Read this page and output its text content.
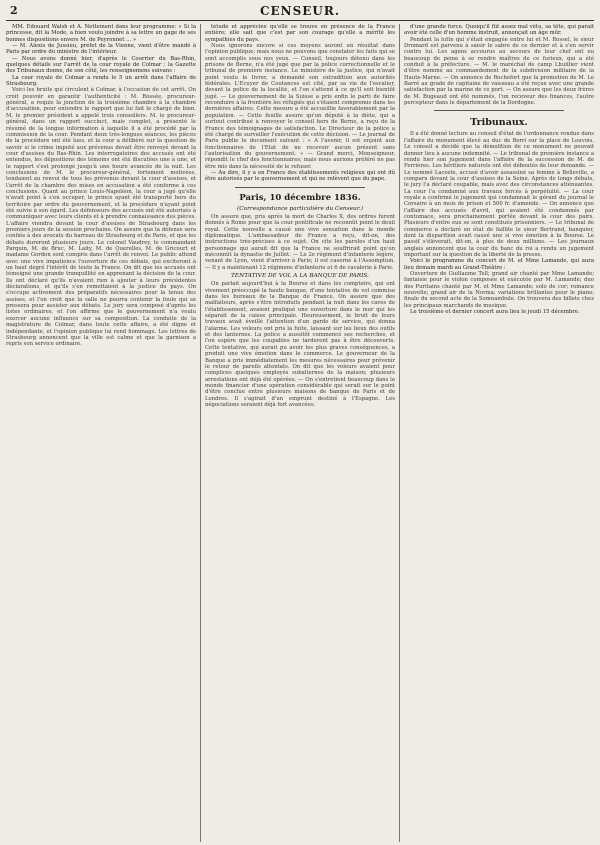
2	CENSEUR.

MM. Edouard Walsh et A. Nettement dans leur programme: « Si la princesse, dit la Mode, a bien voulu joindre à sa lettre un gage de ses bonnes dispositions envers M. de Peyronnet ... »

— M. Alexis de Jussieu, préfet de la Vienne, vient d'être mandé à Paris par ordre du ministre de l'intérieur.

— Nous avons donné hier, d'après le Courrier du Bas-Rhin, quelques détails sur l'arrêt de la cour royale de Colmar : la Gazette des Tribunaux donne, de son côté, les renseignemens suivans :

La cour royale de Colmar a rendu le 5 un arrêt dans l'affaire de Strasbourg.

Voici les bruits qui circulent à Colmar, à l'occasion de cet arrêt. On croit pouvoir en garantir l'authenticité : M. Rossée, procureur-général, a requis la jonction de la troisième chambre à la chambre d'accusation, pour entendre le rapport que lui fait le chargé de bien. M. le premier président a appelé trois conseillers. M. le procureur-général, dans un rapport succinct, mais complet, a présenté le résumé de la longue information à laquelle il a été procédé par la commission de la cour. Pendant deux très-longues séances, les pièces de la procédure ont été lues, et la cour a délibéré sur la question de savoir si le crime imputé aux prévenus devait être renvoyé devant la cour d'assises du Bas-Rhin. Les interrogatoires des accusés ont été entendus, les dépositions des témoins ont été discutées une à une, et le rapport s'est prolongé jusqu'à une heure avancée de la nuit. Les conclusions de M. le procureur-général, fortement motivées, tendaient au renvoi de tous les prévenus devant la cour d'assises, et l'arrêt de la chambre des mises en accusation a été conforme à ces conclusions. Quant au prince Louis-Napoléon, la cour a jugé qu'elle n'avait point à s'en occuper, le prince ayant été transporté hors du territoire par ordre du gouvernement, et la procédure n'ayant point été suivie à son égard. Les défenseurs des accusés ont été autorisés à communiquer avec leurs clients et à prendre connaissance des pièces. L'affaire viendra devant la cour d'assises de Strasbourg dans les premiers jours de la session prochaine. On assure que la défense sera confiée à des avocats du barreau de Strasbourg et de Paris, et que les débats dureront plusieurs jours. Le colonel Vaudrey, le commandant Parquin, M. de Bruc, M. Laity, M. de Querelles, M. de Gricourt et madame Gordon sont compris dans l'arrêt de renvoi. Le public attend avec une vive impatience l'ouverture de ces débats, qui exciteront à un haut degré l'intérêt de toute la France. On dit que les accusés ont témoigné une grande tranquillité en apprenant la décision de la cour. Ils ont déclaré qu'ils n'avaient rien à ajouter à leurs précédentes déclarations, et qu'ils s'en remettaient à la justice du pays. On s'occupe activement des préparatifs nécessaires pour la tenue des assises, et l'on croit que la salle ne pourra contenir la foule qui se pressera pour assister aux débats. Le jury sera composé d'après les listes ordinaires, et l'on affirme que le gouvernement n'a voulu exercer aucune influence sur sa composition. La conduite de la magistrature de Colmar, dans toute cette affaire, a été digne et indépendante, et l'opinion publique lui rend hommage. Les lettres de Strasbourg annoncent que la ville est calme et que la garnison a repris son service ordinaire.

tétude et appréciée qu'ellé se trouve en présence de la France entière; elle sait que c'est par son courage qu'elle a mérité les sympathies du pays.

Nous ignorons encore si ces moyens auront un résultat dans l'opinion publique; mais nous ne pouvons que constater les faits qui se sont accomplis sous nos yeux. — Conseil, toujours détenu dans les prisons de Berne, n'a été jugé que par la police correctionnelle et le tribunal de première instance. Le ministère de la justice, qui n'avait point voulu le livrer, a demandé son extradition aux autorités fédérales. L'Ecuyer de Coutances est cité, par sa vie de l'escalier, devant la police de la localité, et l'on s'attend à ce qu'il soit bientôt jugé. — Le gouvernement de la Suisse a pris enfin le parti de faire reconduire à la frontière les réfugiés qui s'étaient compromis dans les dernières affaires. Cette mesure a été accueillie favorablement par la population. — Cette feuille assure qu'un député à la diète, qui a surtout contribué à renvoyer le conseil hors de Berne, a reçu de la France des témoignages de satisfaction. Le Directeur de la police a été chargé de surveiller l'exécution de cette décision. — Le journal de Paris publie le document suivant : « A l'avenir, il est enjoint aux fonctionnaires de l'Etat de ne recevoir aucun présent sans l'autorisation du gouvernement. » — Grand merci, Monseigneur, répondit le chef des fonctionnaires; mais nous aurions préféré ne pas être mis dans la nécessité de le refuser.

— Au dire, il y a en France des établissements religieux qui ont dû être autorisés par le gouvernement et qui ne relèvent que du pape.

Paris, 10 décembre 1836.

(Correspondance particulière du Censeur.)

On assure que, pris après la mort de Charles X, des ordres furent donnés à Rome pour que la cour pontificale ne reconnût point le deuil royal. Cette nouvelle a causé une vive sensation dans le monde diplomatique. L'ambassadeur de France a reçu, dit-on, des instructions très-précises à ce sujet. On cite les paroles d'un haut personnage qui aurait dit que la France ne souffrirait point qu'on méconnût la dynastie de Juillet. — Le 2e régiment d'infanterie légère, venant de Lyon, vient d'arriver à Paris; il est caserné à l'Assomption. — Il y a maintenant 12 régimens d'infanterie et 6 de cavalerie à Paris.

TENTATIVE DE VOL A LA BANQUE DE PARIS.

On parlait aujourd'hui à la Bourse et dans les comptoirs, qui ont vivement préoccupé la haute banque, d'une tentative de vol commise dans les bureaux de la Banque de France. On assure que des malfaiteurs, après s'être introduits pendant la nuit dans les caves de l'établissement, avaient pratiqué une ouverture dans le mur qui les séparait de la caisse principale. Heureusement, le bruit de leurs travaux avait éveillé l'attention d'un garde de service, qui donna l'alarme. Les voleurs ont pris la fuite, laissant sur les lieux des outils et des lanternes. La police a aussitôt commencé ses recherches, et l'on espère que les coupables ne tarderont pas à être découverts. Cette tentative, qui aurait pu avoir les plus graves conséquences, a produit une vive émotion dans le commerce. Le gouverneur de la Banque a pris immédiatement les mesures nécessaires pour prévenir le retour de pareils attentats. On dit que les voleurs avaient pour complices quelques employés subalternes de la maison; plusieurs arrestations ont déjà été opérées. — On s'entretient beaucoup dans le monde financier d'une opération considérable qui serait sur le point d'être conclue entre plusieurs maisons de banque de Paris et de Londres. Il s'agirait d'un emprunt destiné à l'Espagne. Les négociations seraient déjà fort avancées.

d'une grande force. Quoiqu'il fût assez mal vêtu, sa tête, qui paraît avoir été celle d'un homme instruit, annonçait un âge mûr.

Pendant la lutte qui s'était engagée entre lui et M. Rossel, le sieur Dromard est parvenu à saisir le sabre de ce dernier et à s'en servir contre lui. Les agens accourus au secours de leur chef ont eu beaucoup de peine à se rendre maîtres de ce furieux, qui a été conduit à la préfecture. — M. le maréchal de camp Lhuillier vient d'être nommé au commandement de la subdivision militaire de la Haute-Marne. — On annonce de Rochefort que la promotion de M. Le Barré au grade de capitaine de vaisseau a été reçue avec une grande satisfaction par la marine de ce port. — On assure que les deux frères de M. Bugeaud ont été nommés, l'un receveur des finances, l'autre percepteur dans le département de la Dordogne.

Tribunaux.

Il a été donné lecture au conseil d'état de l'ordonnance rendue dans l'affaire du monument élevé au duc de Berri sur la place de Louvois. Le conseil a décidé que la démolition de ce monument ne pouvait donner lieu à aucune indemnité. — Le tribunal de première instance a rendu hier son jugement dans l'affaire de la succession de M. de Ferrières. Les héritiers naturels ont été déboutés de leur demande. — Le nommé Lacoste, accusé d'avoir assassiné sa femme à Belleville, a comparu devant la cour d'assises de la Seine. Après de longs débats, le jury l'a déclaré coupable, mais avec des circonstances atténuantes. La cour l'a condamné aux travaux forcés à perpétuité. — La cour royale a confirmé le jugement qui condamnait le gérant du journal le Corsaire à un mois de prison et 500 fr. d'amende. — On annonce que l'affaire des accusés d'avril, qui avaient été condamnés par contumace, sera prochainement portée devant la cour des pairs. Plusieurs d'entre eux se sont constitués prisonniers. — Le tribunal de commerce a déclaré en état de faillite le sieur Bertrand, banquier, dont la disparition avait causé une si vive émotion à la Bourse. Le passif s'élèverait, dit-on, à plus de deux millions. — Les journaux anglais annoncent que la cour du banc du roi a rendu un jugement important sur la question de la liberté de la presse.

Voici le programme du concert de M. et Mme Lamande, qui aura lieu demain mardi au Grand-Théâtre :

Ouverture de Guillaume Tell; grand air chanté par Mme Lamande; fantaisie pour le violon composée et exécutée par M. Lamande; duo des Puritains chanté par M. et Mme Lamande; solo de cor; romance nouvelle; grand air de la Norma; variations brillantes pour le piano; finale du second acte de la Somnambule. On trouvera des billets chez les principaux marchands de musique.

Le troisième et dernier concert aura lieu le jeudi 15 décembre.
